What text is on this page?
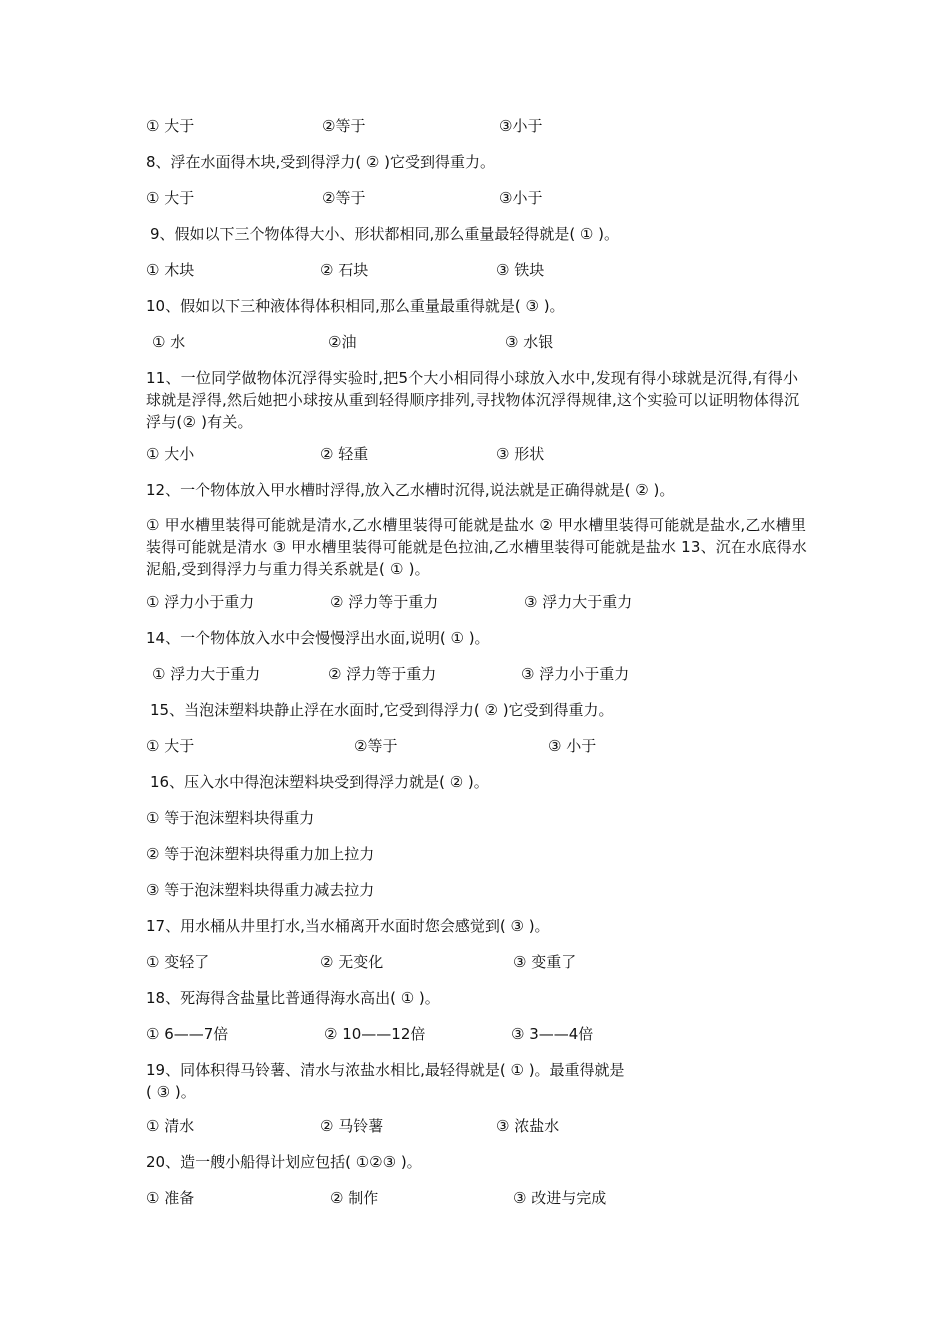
① 大于	②等于	③小于
8、浮在水面得木块,受到得浮力( ② )它受到得重力。
① 大于	②等于	③小于
9、假如以下三个物体得大小、形状都相同,那么重量最轻得就是( ① )。
① 木块	② 石块	③ 铁块
10、假如以下三种液体得体积相同,那么重量最重得就是( ③ )。
① 水	②油	③ 水银
11、一位同学做物体沉浮得实验时,把5个大小相同得小球放入水中,发现有得小球就是沉得,有得小球就是浮得,然后她把小球按从重到轻得顺序排列,寻找物体沉浮得规律,这个实验可以证明物体得沉浮与(② )有关。
① 大小	② 轻重	③ 形状
12、一个物体放入甲水槽时浮得,放入乙水槽时沉得,说法就是正确得就是( ② )。
① 甲水槽里装得可能就是清水,乙水槽里装得可能就是盐水 ② 甲水槽里装得可能就是盐水,乙水槽里装得可能就是清水 ③ 甲水槽里装得可能就是色拉油,乙水槽里装得可能就是盐水 13、沉在水底得水泥船,受到得浮力与重力得关系就是( ① )。
① 浮力小于重力	② 浮力等于重力	③ 浮力大于重力
14、一个物体放入水中会慢慢浮出水面,说明( ① )。
① 浮力大于重力	② 浮力等于重力	③ 浮力小于重力
15、当泡沫塑料块静止浮在水面时,它受到得浮力( ② )它受到得重力。
① 大于	②等于	③ 小于
16、压入水中得泡沫塑料块受到得浮力就是( ② )。
① 等于泡沫塑料块得重力
② 等于泡沫塑料块得重力加上拉力
③ 等于泡沫塑料块得重力减去拉力
17、用水桶从井里打水,当水桶离开水面时您会感觉到( ③ )。
① 变轻了	② 无变化	③ 变重了
18、死海得含盐量比普通得海水高出( ① )。
① 6——7倍	② 10——12倍	③ 3——4倍
19、同体积得马铃薯、清水与浓盐水相比,最轻得就是( ① )。最重得就是
( ③ )。
① 清水	② 马铃薯	③ 浓盐水
20、造一艘小船得计划应包括( ①②③ )。
① 准备	② 制作	③ 改进与完成
